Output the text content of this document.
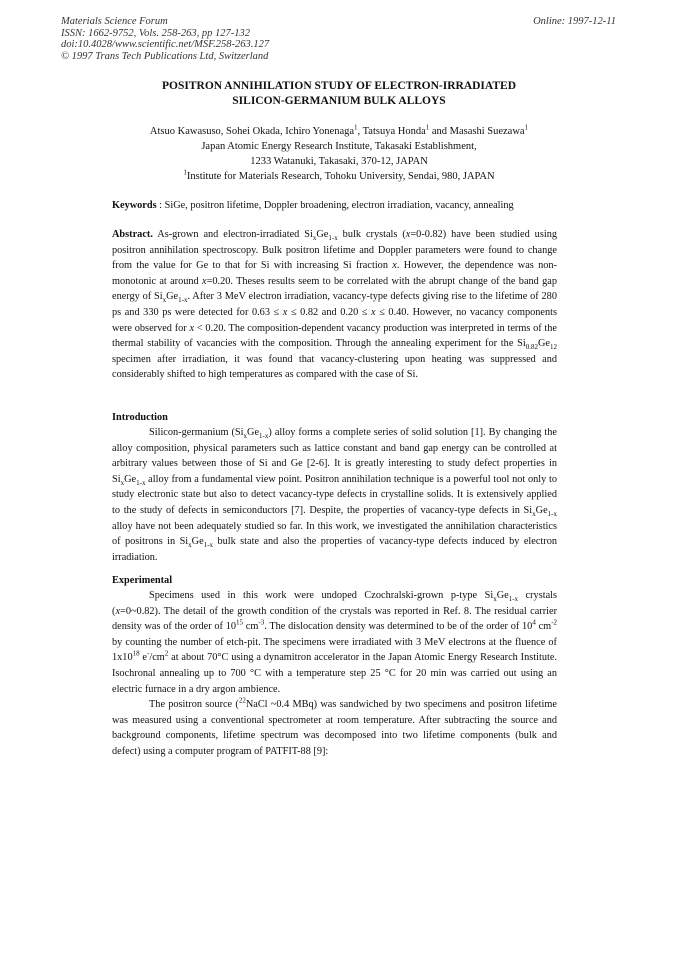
Materials Science Forum
ISSN: 1662-9752, Vols. 258-263, pp 127-132
doi:10.4028/www.scientific.net/MSF.258-263.127
© 1997 Trans Tech Publications Ltd, Switzerland
Online: 1997-12-11
POSITRON ANNIHILATION STUDY OF ELECTRON-IRRADIATED
SILICON-GERMANIUM BULK ALLOYS
Atsuo Kawasuso, Sohei Okada, Ichiro Yonenaga$^1$, Tatsuya Honda$^1$ and Masashi Suezawa$^1$
Japan Atomic Energy Research Institute, Takasaki Establishment,
1233 Watanuki, Takasaki, 370-12, JAPAN
$^1$Institute for Materials Research, Tohoku University, Sendai, 980, JAPAN
Keywords : SiGe, positron lifetime, Doppler broadening, electron irradiation, vacancy, annealing

Abstract. As-grown and electron-irradiated $Si_xGe_{1-x}$ bulk crystals (x=0-0.82) have been studied using positron annihilation spectroscopy. Bulk positron lifetime and Doppler parameters were found to change from the value for Ge to that for Si with increasing Si fraction x. However, the dependence was non-monotonic at around x=0.20. Theses results seem to be correlated with the abrupt change of the band gap energy of $Si_xGe_{1-x}$. After 3 MeV electron irradiation, vacancy-type defects giving rise to the lifetime of 280 ps and 330 ps were detected for 0.63 ≤ x ≤ 0.82 and 0.20 ≤ x ≤ 0.40. However, no vacancy components were observed for x < 0.20. The composition-dependent vacancy production was interpreted in terms of the thermal stability of vacancies with the composition. Through the annealing experiment for the $Si_{0.82}Ge_{12}$ specimen after irradiation, it was found that vacancy-clustering upon heating was suppressed and considerably shifted to high temperatures as compared with the case of Si.

Introduction

Silicon-germanium $(Si_xGe_{1-x})$ alloy forms a complete series of solid solution [1]. By changing the alloy composition, physical parameters such as lattice constant and band gap energy can be controlled at arbitrary values between those of Si and Ge [2-6]. It is greatly interesting to study defect properties in $Si_xGe_{1-x}$ alloy from a fundamental view point. Positron annihilation technique is a powerful tool not only to study electronic state but also to detect vacancy-type defects in crystalline solids. It is extensively applied to the study of defects in semiconductors [7]. Despite, the properties of vacancy-type defects in $Si_xGe_{1-x}$ alloy have not been adequately studied so far. In this work, we investigated the annihilation characteristics of positrons in $Si_xGe_{1-x}$ bulk state and also the properties of vacancy-type defects induced by electron irradiation.

Experimental

Specimens used in this work were undoped Czochralski-grown p-type $Si_xGe_{1-x}$ crystals (x=0~0.82). The detail of the growth condition of the crystals was reported in Ref. 8. The residual carrier density was of the order of $10^{15}$ $cm^{-3}$. The dislocation density was determined to be of the order of $10^4$ $cm^{-2}$ by counting the number of etch-pit. The specimens were irradiated with 3 MeV electrons at the fluence of $1x10^{18}$ $e^-/cm^2$ at about 70°C using a dynamitron accelerator in the Japan Atomic Energy Research Institute. Isochronal annealing up to 700 °C with a temperature step 25 °C for 20 min was carried out using an electric furnace in a dry argon ambience.

The positron source ($^{22}$NaCl ~0.4 MBq) was sandwiched by two specimens and positron lifetime was measured using a conventional spectrometer at room temperature. After subtracting the source and background components, lifetime spectrum was decomposed into two lifetime components (bulk and defect) using a computer program of PATFIT-88 [9]:
